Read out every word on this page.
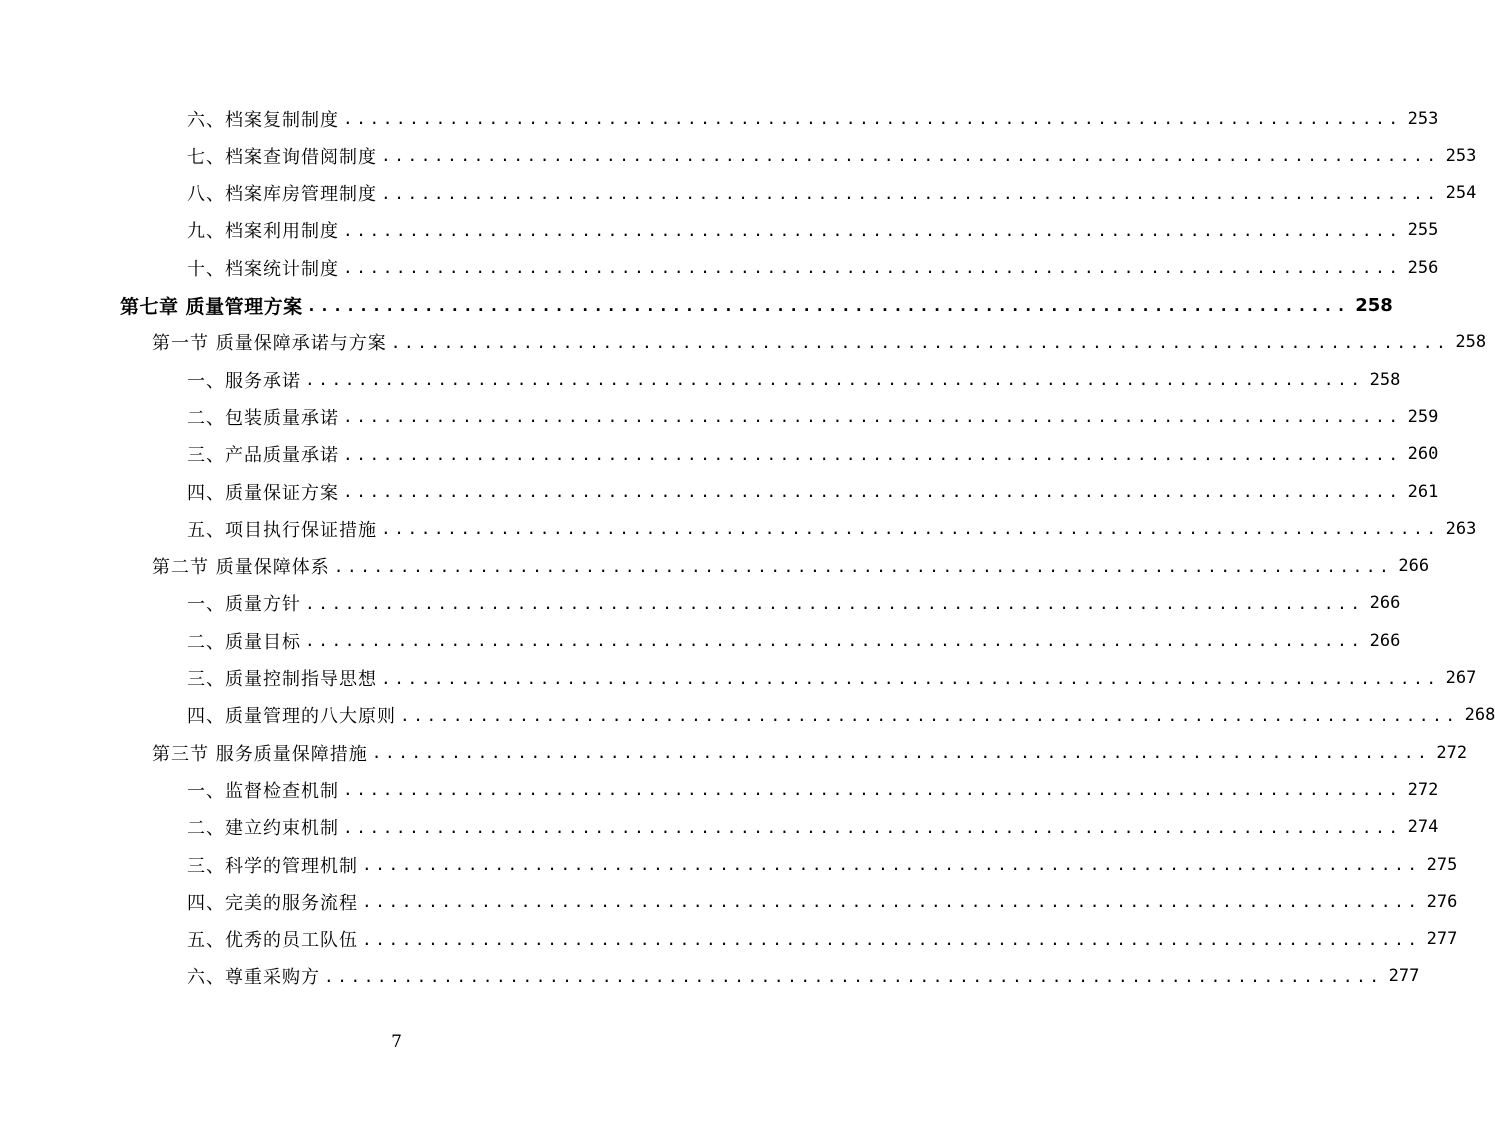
六、档案复制制度 ................................................................................ 253
七、档案查询借阅制度 ................................................................................ 253
八、档案库房管理制度 ................................................................................ 254
九、档案利用制度 ................................................................................ 255
十、档案统计制度 ................................................................................ 256
第七章 质量管理方案 ................................................................................ 258
第一节 质量保障承诺与方案 ................................................................................ 258
一、服务承诺 ................................................................................ 258
二、包装质量承诺 ................................................................................ 259
三、产品质量承诺 ................................................................................ 260
四、质量保证方案 ................................................................................ 261
五、项目执行保证措施 ................................................................................ 263
第二节 质量保障体系 ................................................................................ 266
一、质量方针 ................................................................................ 266
二、质量目标 ................................................................................ 266
三、质量控制指导思想 ................................................................................ 267
四、质量管理的八大原则 ................................................................................ 268
第三节 服务质量保障措施 ................................................................................ 272
一、监督检查机制 ................................................................................ 272
二、建立约束机制 ................................................................................ 274
三、科学的管理机制 ................................................................................ 275
四、完美的服务流程 ................................................................................ 276
五、优秀的员工队伍 ................................................................................ 277
六、尊重采购方 ................................................................................ 277
7
